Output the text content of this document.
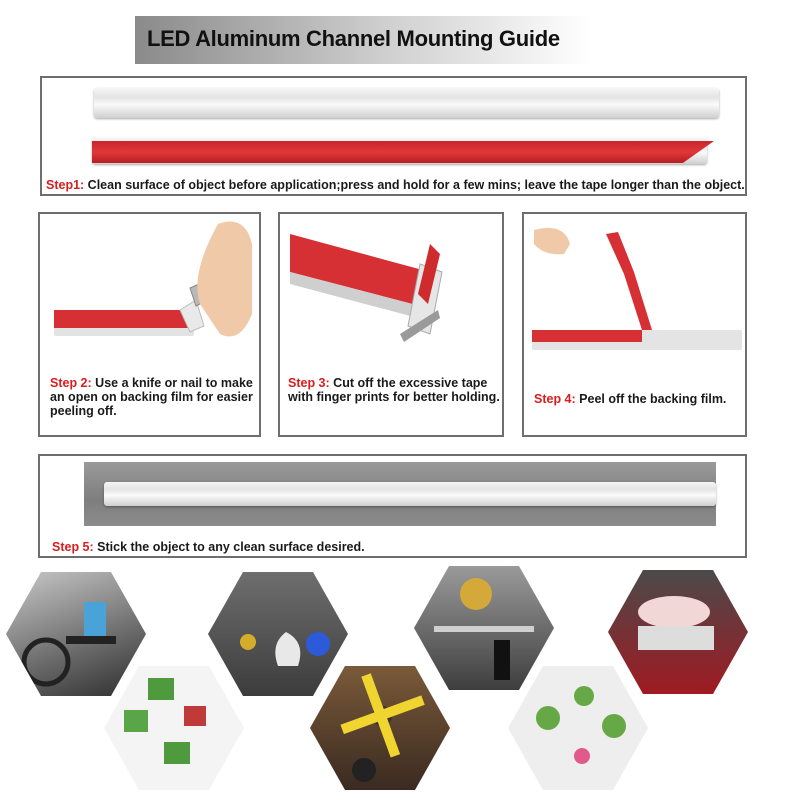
LED Aluminum Channel Mounting Guide
Step1: Clean surface of object before application;press and hold for a few mins; leave the tape longer than the object.
Step 2: Use a knife or nail to make an open on backing film for easier peeling off.
Step 3: Cut off the excessive tape with finger prints for better holding.	Step 4: Peel off the backing film.
Step 5: Stick the object to any clean surface desired.
